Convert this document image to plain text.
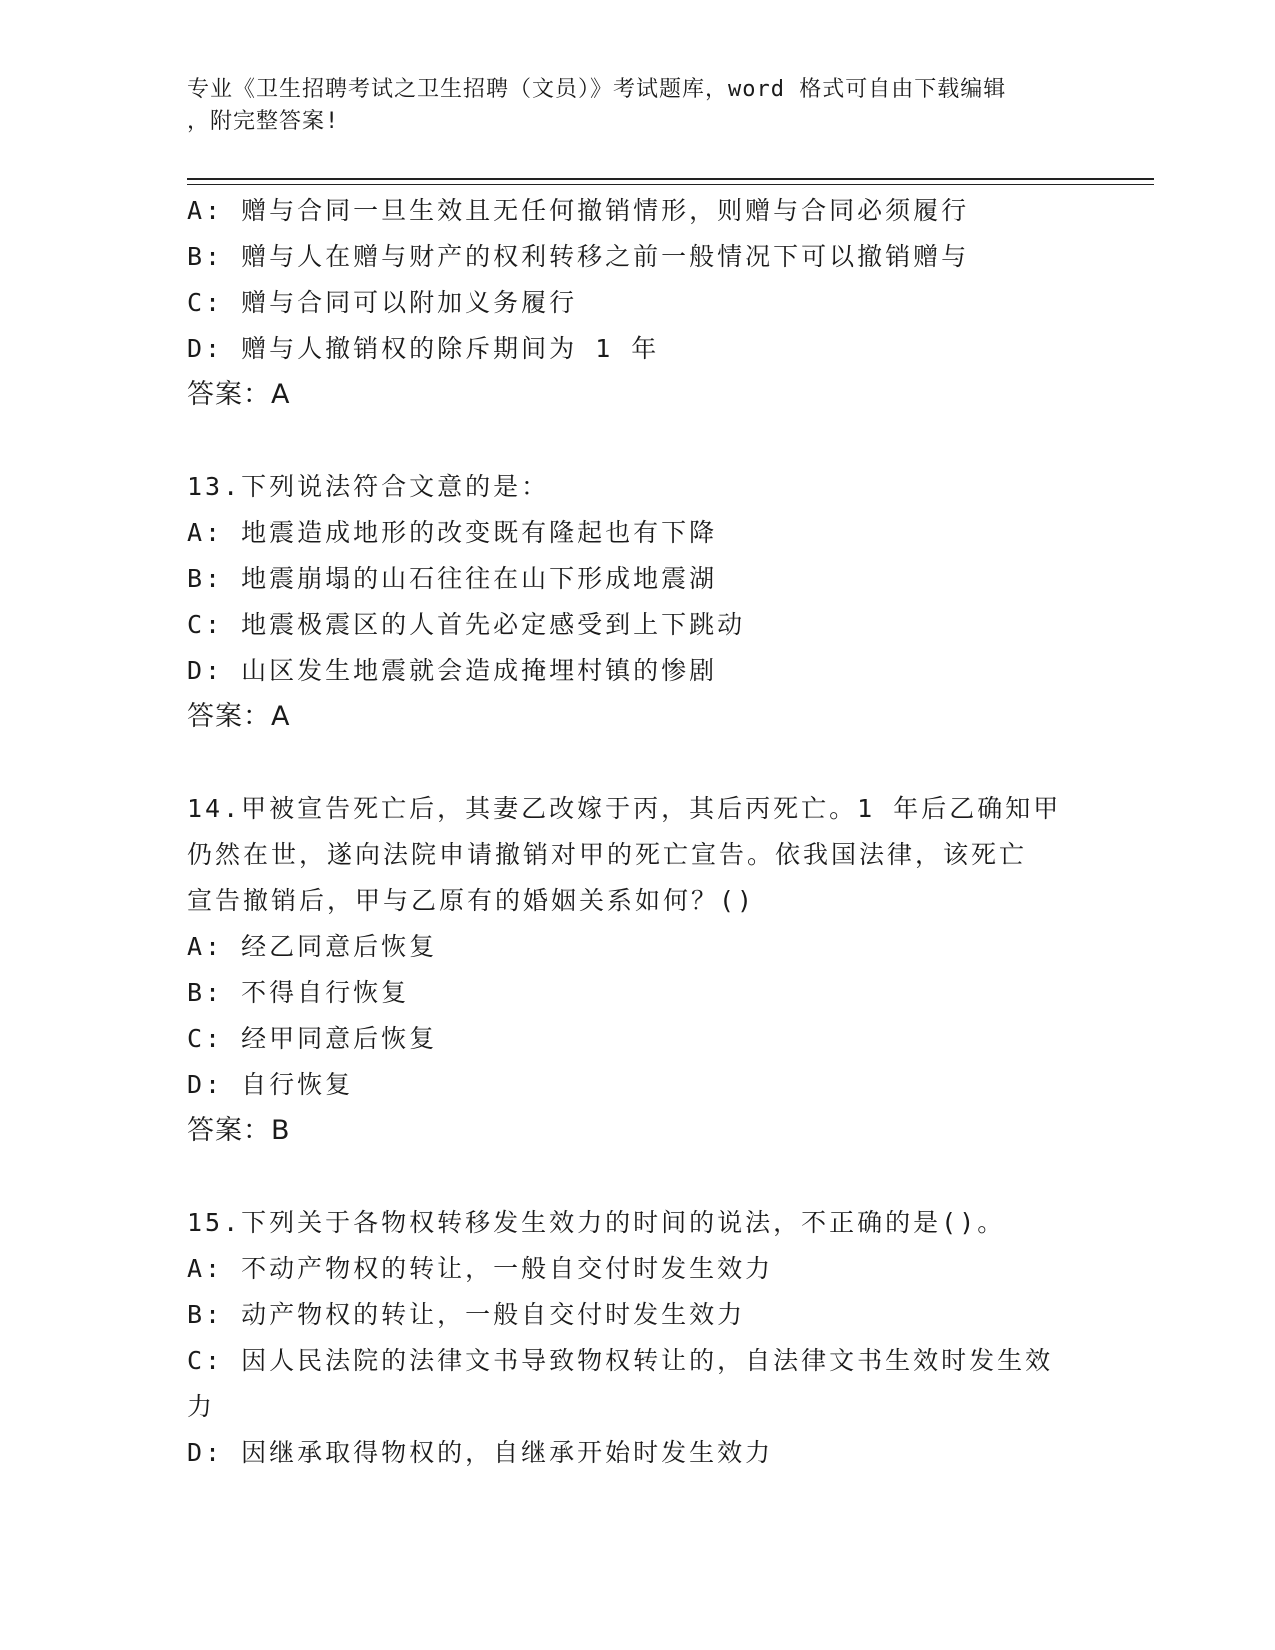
专业《卫生招聘考试之卫生招聘（文员）》考试题库，word 格式可自由下载编辑
，附完整答案!

A: 赠与合同一旦生效且无任何撤销情形，则赠与合同必须履行

B: 赠与人在赠与财产的权利转移之前一般情况下可以撤销赠与

C: 赠与合同可以附加义务履行

D: 赠与人撤销权的除斥期间为 1 年

答案：A

13.下列说法符合文意的是：

A: 地震造成地形的改变既有隆起也有下降

B: 地震崩塌的山石往往在山下形成地震湖

C: 地震极震区的人首先必定感受到上下跳动

D: 山区发生地震就会造成掩埋村镇的惨剧

答案：A

14.甲被宣告死亡后，其妻乙改嫁于丙，其后丙死亡。1 年后乙确知甲

仍然在世，遂向法院申请撤销对甲的死亡宣告。依我国法律，该死亡

宣告撤销后，甲与乙原有的婚姻关系如何？()

A: 经乙同意后恢复

B: 不得自行恢复

C: 经甲同意后恢复

D: 自行恢复

答案：B

15.下列关于各物权转移发生效力的时间的说法，不正确的是()。

A: 不动产物权的转让，一般自交付时发生效力

B: 动产物权的转让，一般自交付时发生效力

C: 因人民法院的法律文书导致物权转让的，自法律文书生效时发生效

力

D: 因继承取得物权的，自继承开始时发生效力
